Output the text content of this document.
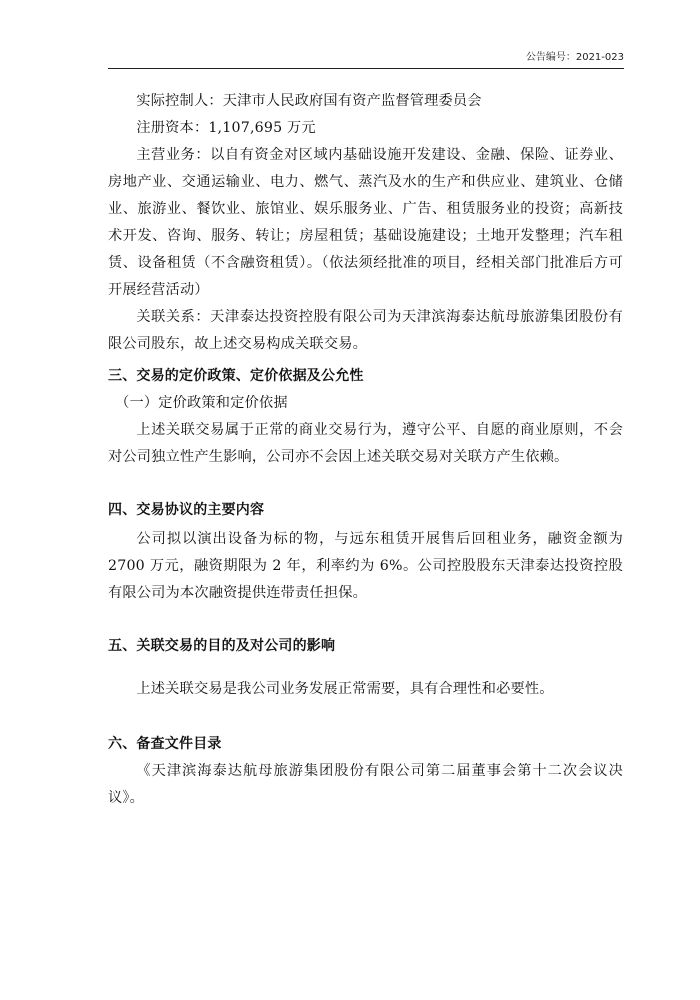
公告编号：2021-023

实际控制人：天津市人民政府国有资产监督管理委员会

注册资本：1,107,695 万元

主营业务：以自有资金对区域内基础设施开发建设、金融、保险、证券业、房地产业、交通运输业、电力、燃气、蒸汽及水的生产和供应业、建筑业、仓储业、旅游业、餐饮业、旅馆业、娱乐服务业、广告、租赁服务业的投资；高新技术开发、咨询、服务、转让；房屋租赁；基础设施建设；土地开发整理；汽车租赁、设备租赁（不含融资租赁）。（依法须经批准的项目，经相关部门批准后方可开展经营活动）

关联关系：天津泰达投资控股有限公司为天津滨海泰达航母旅游集团股份有限公司股东，故上述交易构成关联交易。

三、交易的定价政策、定价依据及公允性

（一）定价政策和定价依据

上述关联交易属于正常的商业交易行为，遵守公平、自愿的商业原则，不会对公司独立性产生影响，公司亦不会因上述关联交易对关联方产生依赖。

四、交易协议的主要内容

公司拟以演出设备为标的物，与远东租赁开展售后回租业务，融资金额为 2700 万元，融资期限为 2 年，利率约为 6%。公司控股股东天津泰达投资控股有限公司为本次融资提供连带责任担保。

五、关联交易的目的及对公司的影响

上述关联交易是我公司业务发展正常需要，具有合理性和必要性。

六、备查文件目录

《天津滨海泰达航母旅游集团股份有限公司第二届董事会第十二次会议决议》。
